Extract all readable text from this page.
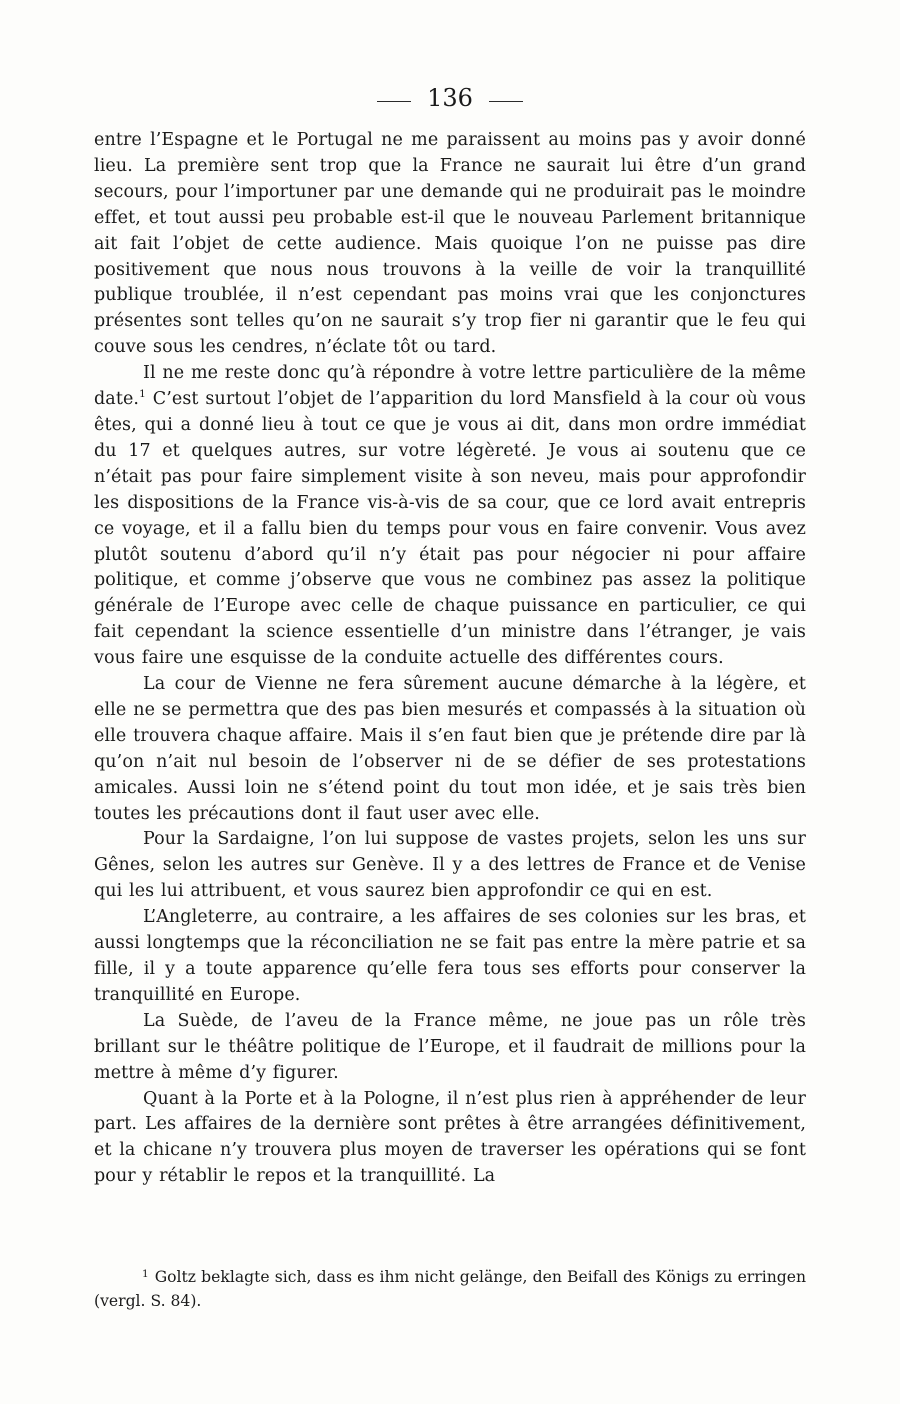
136

entre l’Espagne et le Portugal ne me paraissent au moins pas y avoir donné lieu. La première sent trop que la France ne saurait lui être d’un grand secours, pour l’importuner par une demande qui ne produirait pas le moindre effet, et tout aussi peu probable est-il que le nouveau Parlement britannique ait fait l’objet de cette audience. Mais quoique l’on ne puisse pas dire positivement que nous nous trouvons à la veille de voir la tranquillité publique troublée, il n’est cependant pas moins vrai que les conjonctures présentes sont telles qu’on ne saurait s’y trop fier ni garantir que le feu qui couve sous les cendres, n’éclate tôt ou tard.

Il ne me reste donc qu’à répondre à votre lettre particulière de la même date.$^1$ C’est surtout l’objet de l’apparition du lord Mansfield à la cour où vous êtes, qui a donné lieu à tout ce que je vous ai dit, dans mon ordre immédiat du 17 et quelques autres, sur votre légèreté. Je vous ai soutenu que ce n’était pas pour faire simplement visite à son neveu, mais pour approfondir les dispositions de la France vis-à-vis de sa cour, que ce lord avait entrepris ce voyage, et il a fallu bien du temps pour vous en faire convenir. Vous avez plutôt soutenu d’abord qu’il n’y était pas pour négocier ni pour affaire politique, et comme j’observe que vous ne combinez pas assez la politique générale de l’Europe avec celle de chaque puissance en particulier, ce qui fait cependant la science essentielle d’un ministre dans l’étranger, je vais vous faire une esquisse de la conduite actuelle des différentes cours.

La cour de Vienne ne fera sûrement aucune démarche à la légère, et elle ne se permettra que des pas bien mesurés et compassés à la situation où elle trouvera chaque affaire. Mais il s’en faut bien que je prétende dire par là qu’on n’ait nul besoin de l’observer ni de se défier de ses protestations amicales. Aussi loin ne s’étend point du tout mon idée, et je sais très bien toutes les précautions dont il faut user avec elle.

Pour la Sardaigne, l’on lui suppose de vastes projets, selon les uns sur Gênes, selon les autres sur Genève. Il y a des lettres de France et de Venise qui les lui attribuent, et vous saurez bien approfondir ce qui en est.

L’Angleterre, au contraire, a les affaires de ses colonies sur les bras, et aussi longtemps que la réconciliation ne se fait pas entre la mère patrie et sa fille, il y a toute apparence qu’elle fera tous ses efforts pour conserver la tranquillité en Europe.

La Suède, de l’aveu de la France même, ne joue pas un rôle très brillant sur le théâtre politique de l’Europe, et il faudrait de millions pour la mettre à même d’y figurer.

Quant à la Porte et à la Pologne, il n’est plus rien à appréhender de leur part. Les affaires de la dernière sont prêtes à être arrangées définitivement, et la chicane n’y trouvera plus moyen de traverser les opérations qui se font pour y rétablir le repos et la tranquillité. La

1 Goltz beklagte sich, dass es ihm nicht gelänge, den Beifall des Königs zu erringen (vergl. S. 84).
